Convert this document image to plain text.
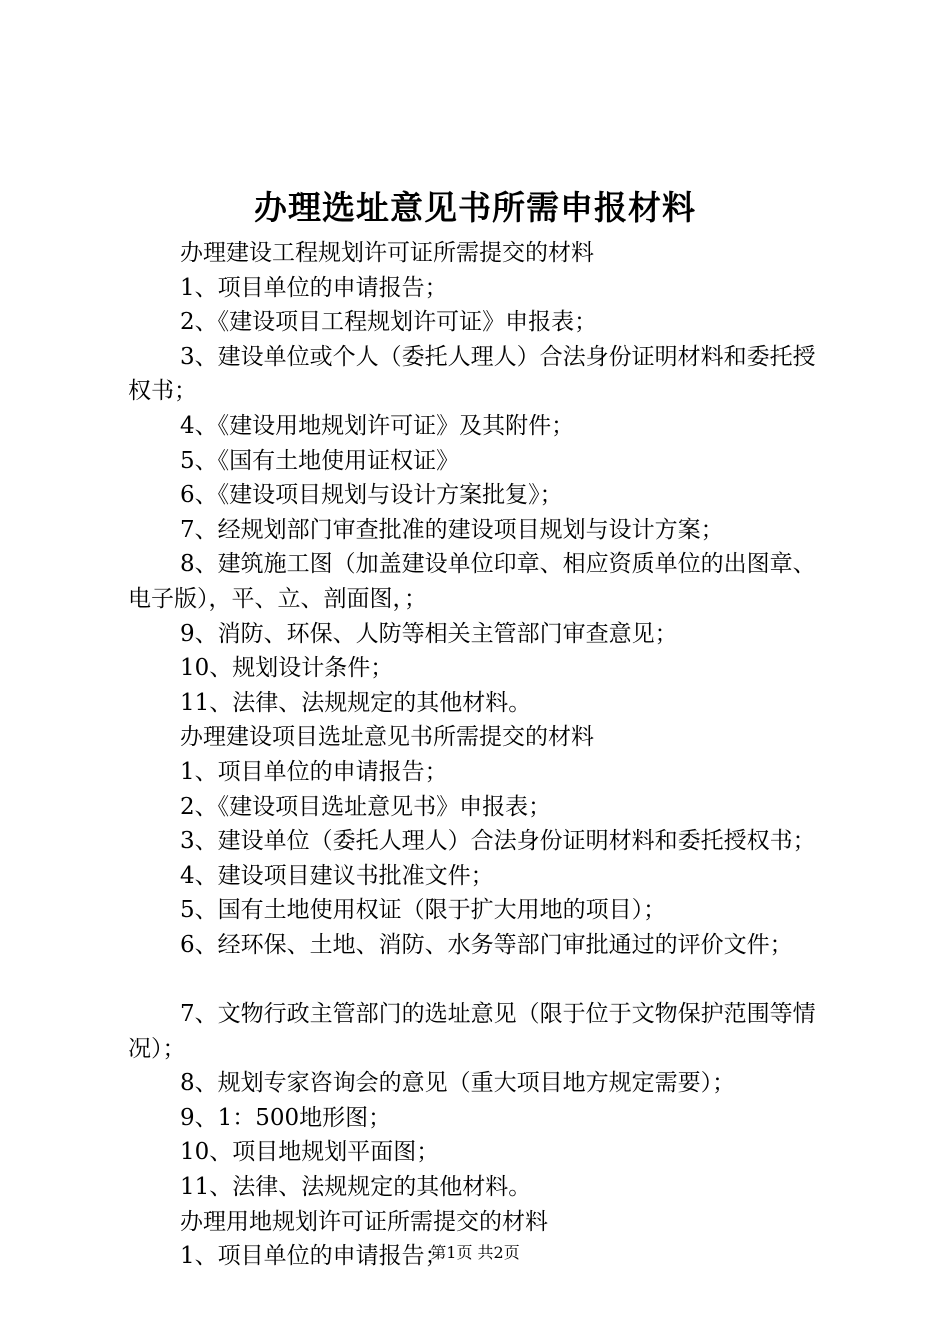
办理选址意见书所需申报材料

办理建设工程规划许可证所需提交的材料

1、项目单位的申请报告；

2、《建设项目工程规划许可证》申报表；

3、建设单位或个人（委托人理人）合法身份证明材料和委托授权书；

4、《建设用地规划许可证》及其附件；

5、《国有土地使用证权证》

6、《建设项目规划与设计方案批复》；

7、经规划部门审查批准的建设项目规划与设计方案；

8、建筑施工图（加盖建设单位印章、相应资质单位的出图章、电子版），平、立、剖面图，；

9、消防、环保、人防等相关主管部门审查意见；

10、规划设计条件；

11、法律、法规规定的其他材料。

办理建设项目选址意见书所需提交的材料

1、项目单位的申请报告；

2、《建设项目选址意见书》申报表；

3、建设单位（委托人理人）合法身份证明材料和委托授权书；

4、建设项目建议书批准文件；

5、国有土地使用权证（限于扩大用地的项目）；

6、经环保、土地、消防、水务等部门审批通过的评价文件；

7、文物行政主管部门的选址意见（限于位于文物保护范围等情况）；

8、规划专家咨询会的意见（重大项目地方规定需要）；

9、1：500地形图；

10、项目地规划平面图；

11、法律、法规规定的其他材料。

办理用地规划许可证所需提交的材料

1、项目单位的申请报告；

第1页 共2页
